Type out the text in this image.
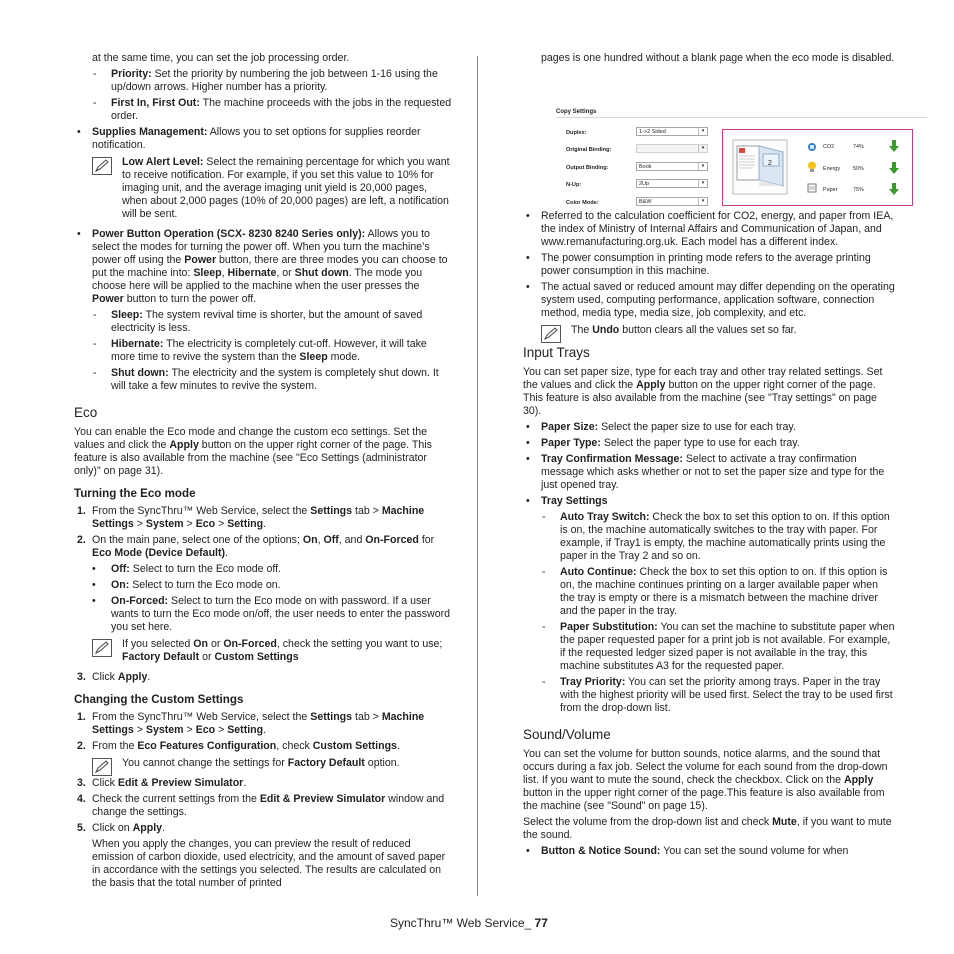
at the same time, you can set the job processing order.

- Priority: Set the priority by numbering the job between 1-16 using the up/down arrows. Higher number has a priority.
- First In, First Out: The machine proceeds with the jobs in the requested order.
• Supplies Management: Allows you to set options for supplies reorder notification.
Low Alert Level: Select the remaining percentage for which you want to receive notification. For example, if you set this value to 10% for imaging unit, and the average imaging unit yield is 20,000 pages, when about 2,000 pages (10% of 20,000 pages) are left, a notification will be sent.
• Power Button Operation (SCX- 8230 8240 Series only): Allows you to select the modes for turning the power off. When you turn the machine’s power off using the Power button, there are three modes you can choose to put the machine into: Sleep, Hibernate, or Shut down. The mode you choose here will be applied to the machine when the user presses the Power button to turn the power off.
- Sleep: The system revival time is shorter, but the amount of saved electricity is less.
- Hibernate: The electricity is completely cut-off. However, it will take more time to revive the system than the Sleep mode.
- Shut down: The electricity and the system is completely shut down. It will take a few minutes to revive the system.
Eco

You can enable the Eco mode and change the custom eco settings. Set the values and click the Apply button on the upper right corner of the page. This feature is also available from the machine (see "Eco Settings (administrator only)" on page 31).

Turning the Eco mode
1. From the SyncThru™ Web Service, select the Settings tab > Machine Settings > System > Eco > Setting.
2. On the main pane, select one of the options; On, Off, and On-Forced for Eco Mode (Device Default).
• Off: Select to turn the Eco mode off.
• On: Select to turn the Eco mode on.
• On-Forced: Select to turn the Eco mode on with password. If a user wants to turn the Eco mode on/off, the user needs to enter the password you set here.
If you selected On or On-Forced, check the setting you want to use; Factory Default or Custom Settings
3. Click Apply.
Changing the Custom Settings
1. From the SyncThru™ Web Service, select the Settings tab > Machine Settings > System > Eco > Setting.
2. From the Eco Features Configuration, check Custom Settings.
You cannot change the settings for Factory Default option.
3. Click Edit & Preview Simulator.
4. Check the current settings from the Edit & Preview Simulator window and change the settings.
5. Click on Apply.

When you apply the changes, you can preview the result of reduced emission of carbon dioxide, used electricity, and the amount of saved paper in accordance with the settings you selected. The results are calculated on the basis that the total number of printed

pages is one hundred without a blank page when the eco mode is disabled.

Copy Settings
Duplex:	1->2 Sided	▾
Original Binding:	▾
Output Binding:	Book	▾
N-Up:	2Up	▾
Color Mode:	B&W	▾
2
CO2	74%
Energy 50%
Paper	75%
• Referred to the calculation coefficient for CO2, energy, and paper from IEA, the index of Ministry of Internal Affairs and Communication of Japan, and www.remanufacturing.org.uk. Each model has a different index.
• The power consumption in printing mode refers to the average printing power consumption in this machine.
• The actual saved or reduced amount may differ depending on the operating system used, computing performance, application software, connection method, media type, media size, job complexity, and etc.
The Undo button clears all the values set so far.
Input Trays

You can set paper size, type for each tray and other tray related settings. Set the values and click the Apply button on the upper right corner of the page. This feature is also available from the machine (see "Tray settings" on page 30).

• Paper Size: Select the paper size to use for each tray.
• Paper Type: Select the paper type to use for each tray.
• Tray Confirmation Message: Select to activate a tray confirmation message which asks whether or not to set the paper size and type for the just opened tray.
• Tray Settings
- Auto Tray Switch: Check the box to set this option to on. If this option is on, the machine automatically switches to the tray with paper. For example, if Tray1 is empty, the machine automatically prints using the paper in the Tray 2 and so on.
- Auto Continue: Check the box to set this option to on. If this option is on, the machine continues printing on a larger available paper when the tray is empty or there is a mismatch between the machine driver and the paper in the tray.
- Paper Substitution: You can set the machine to substitute paper when the paper requested paper for a print job is not available. For example, if the requested ledger sized paper is not available in the tray, this machine substitutes A3 for the requested paper.
- Tray Priority: You can set the priority among trays. Paper in the tray with the highest priority will be used first. Select the tray to be used first from the drop-down list.
Sound/Volume

You can set the volume for button sounds, notice alarms, and the sound that occurs during a fax job. Select the volume for each sound from the drop-down list. If you want to mute the sound, check the checkbox. Click on the Apply button in the upper right corner of the page.This feature is also available from the machine (see "Sound" on page 15).

Select the volume from the drop-down list and check Mute, if you want to mute the sound.

• Button & Notice Sound: You can set the sound volume for when
SyncThru™ Web Service_ 77
